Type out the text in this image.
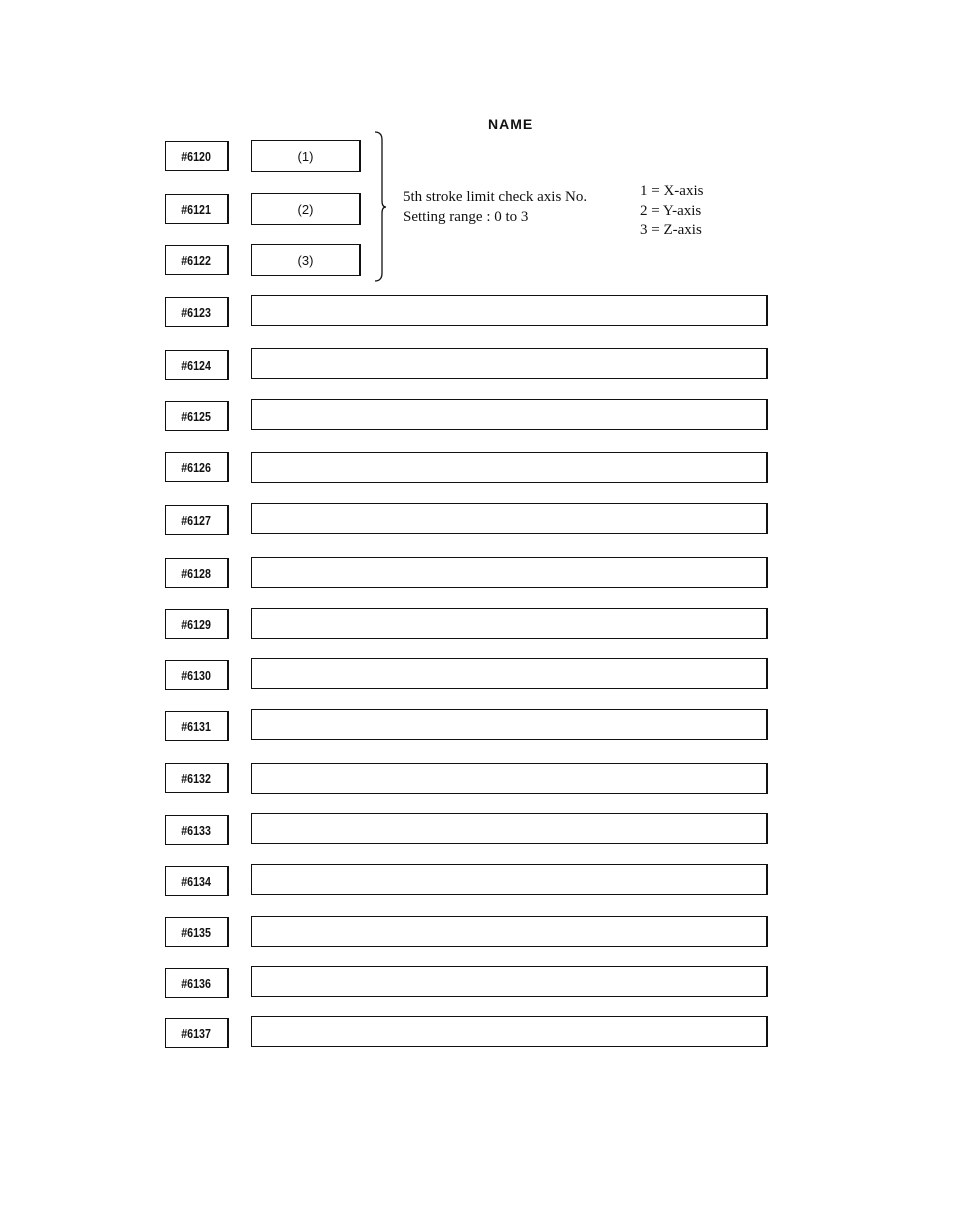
NAME
#6120	(1)
#6121	(2)
#6122	(3)
5th stroke limit check axis No.
Setting range : 0 to 3
1 = X-axis
2 = Y-axis
3 = Z-axis
#6123
#6124
#6125
#6126
#6127
#6128
#6129
#6130
#6131
#6132
#6133
#6134
#6135
#6136
#6137
